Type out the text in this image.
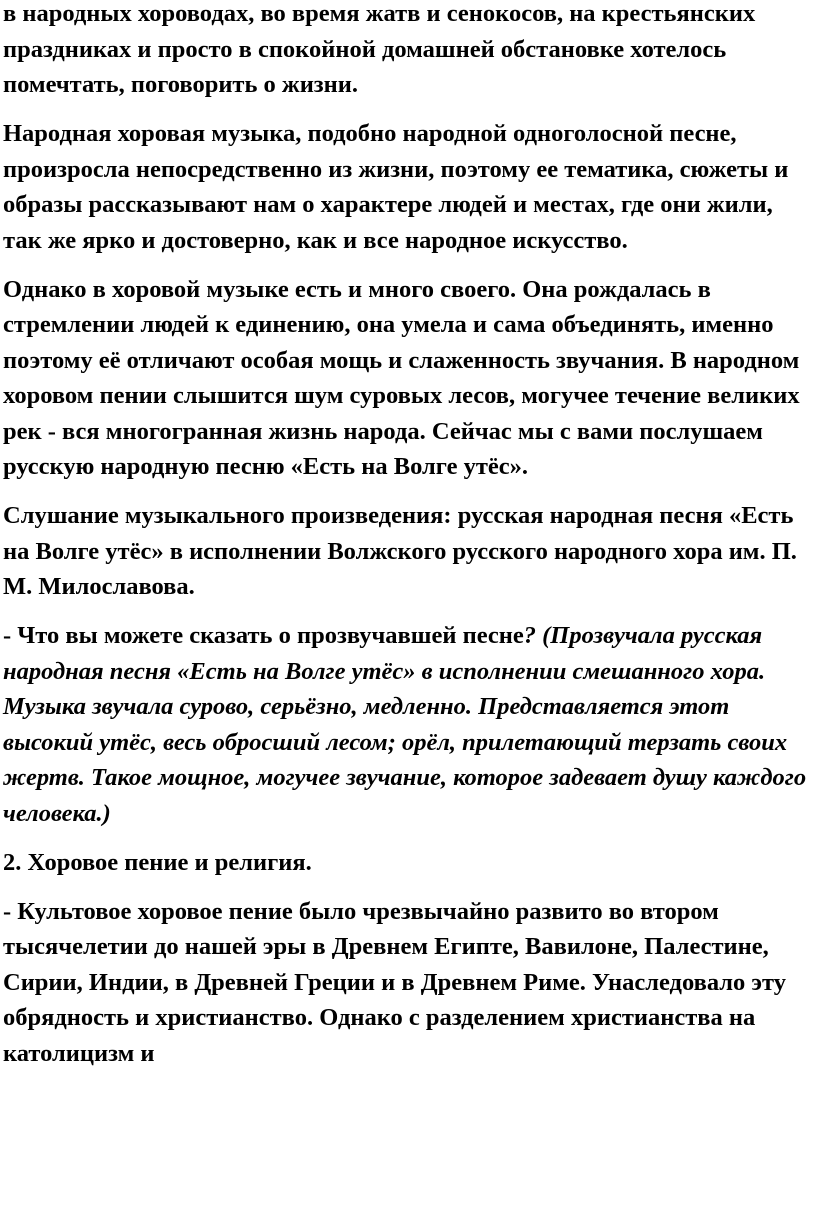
в народных хороводах, во время жатв и сенокосов, на крестьянских праздниках и просто в спокойной домашней обстановке хотелось помечтать, поговорить о жизни.

Народная хоровая музыка, подобно народной одноголосной песне, произросла непосредственно из жизни, поэтому ее тематика, сюжеты и образы рассказывают нам о характере людей и местах, где они жили, так же ярко и достоверно, как и все народное искусство.

Однако в хоровой музыке есть и много своего. Она рождалась в стремлении людей к единению, она умела и сама объединять, именно поэтому её отличают особая мощь и слаженность звучания. В народном хоровом пении слышится шум суровых лесов, могучее течение великих рек - вся многогранная жизнь народа. Сейчас мы с вами послушаем русскую народную песню «Есть на Волге утёс».

Слушание музыкального произведения: русская народная песня «Есть на Волге утёс» в исполнении Волжского русского народного хора им. П. М. Милославова.

- Что вы можете сказать о прозвучавшей песне? (Прозвучала русская народная песня «Есть на Волге утёс» в исполнении смешанного хора. Музыка звучала сурово, серьёзно, медленно. Представляется этот высокий утёс, весь обросший лесом; орёл, прилетающий терзать своих жертв. Такое мощное, могучее звучание, которое задевает душу каждого человека.)

2. Хоровое пение и религия.

- Культовое хоровое пение было чрезвычайно развито во втором тысячелетии до нашей эры в Древнем Египте, Вавилоне, Палестине, Сирии, Индии, в Древней Греции и в Древнем Риме. Унаследовало эту обрядность и христианство. Однако с разделением христианства на католицизм и
